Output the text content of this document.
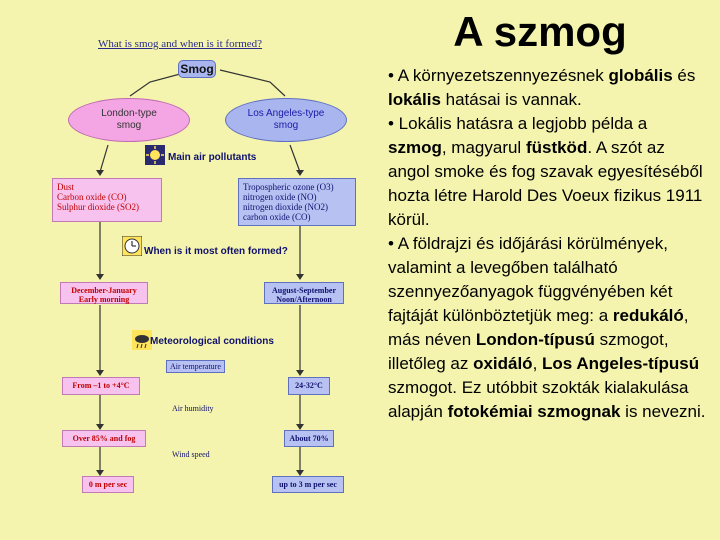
A szmog
What is smog and when is it formed?
Smog
London-type
smog
Los Angeles-type
smog
Main air pollutants
Dust
Carbon oxide (CO)
Sulphur dioxide (SO2)
Tropospheric ozone (O3)
nitrogen oxide (NO)
nitrogen dioxide (NO2)
carbon oxide (CO)
When is it most often formed?
December-January
Early morning
August-September
Noon/Afternoon
Meteorological conditions
Air temperature
From –1 to +4°C	24-32°C
Air humidity
Over 85% and fog	About 70%
Wind speed
0 m per sec	up to 3 m per sec

• A környezetszennyezésnek globális és lokális hatásai is vannak.

• Lokális hatásra a legjobb példa a szmog, magyarul füstköd. A szót az angol smoke és fog szavak egyesítéséből hozta létre Harold Des Voeux fizikus 1911 körül.

• A földrajzi és időjárási körülmények, valamint a levegőben található szennyezőanyagok függvényében két fajtáját különböztetjük meg: a redukáló, más néven London-típusú szmogot, illetőleg az oxidáló, Los Angeles-típusú szmogot. Ez utóbbit szokták kialakulása alapján fotokémiai szmognak is nevezni.
